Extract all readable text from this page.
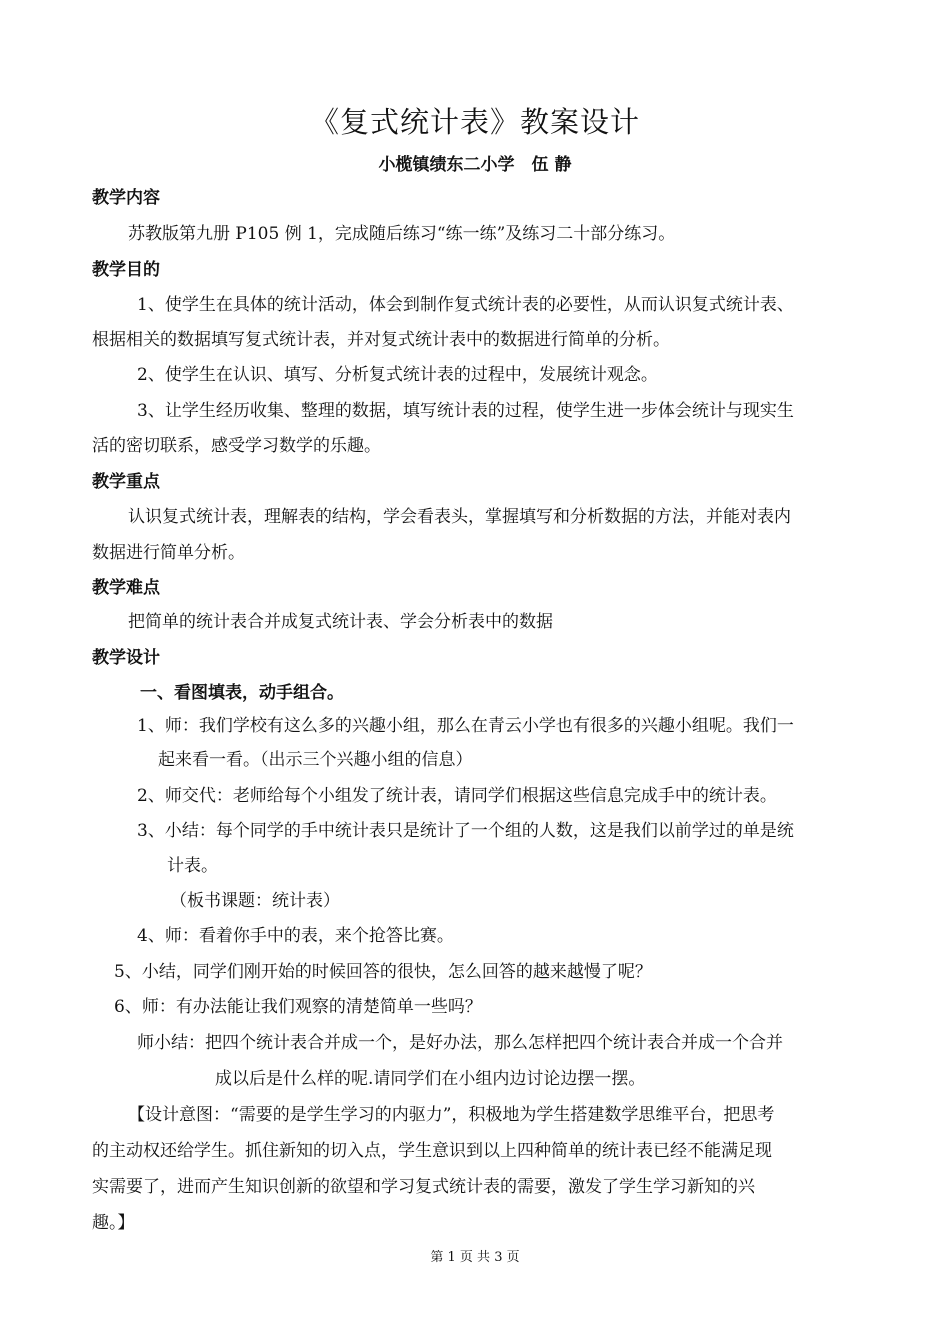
《复式统计表》教案设计
小榄镇绩东二小学　伍 静
教学内容
苏教版第九册 P105 例 1，完成随后练习“练一练”及练习二十部分练习。
教学目的
1、使学生在具体的统计活动，体会到制作复式统计表的必要性，从而认识复式统计表、
根据相关的数据填写复式统计表，并对复式统计表中的数据进行简单的分析。
2、使学生在认识、填写、分析复式统计表的过程中，发展统计观念。
3、让学生经历收集、整理的数据，填写统计表的过程，使学生进一步体会统计与现实生
活的密切联系，感受学习数学的乐趣。
教学重点
认识复式统计表，理解表的结构，学会看表头，掌握填写和分析数据的方法，并能对表内
数据进行简单分析。
教学难点
把简单的统计表合并成复式统计表、学会分析表中的数据
教学设计
一、看图填表，动手组合。
1、师：我们学校有这么多的兴趣小组，那么在青云小学也有很多的兴趣小组呢。我们一
起来看一看。（出示三个兴趣小组的信息）
2、师交代：老师给每个小组发了统计表，请同学们根据这些信息完成手中的统计表。
3、小结：每个同学的手中统计表只是统计了一个组的人数，这是我们以前学过的单是统
计表。
（板书课题：统计表）
4、师：看着你手中的表，来个抢答比赛。
5、小结，同学们刚开始的时候回答的很快，怎么回答的越来越慢了呢？
6、师：有办法能让我们观察的清楚简单一些吗？
师小结：把四个统计表合并成一个，是好办法，那么怎样把四个统计表合并成一个合并
成以后是什么样的呢.请同学们在小组内边讨论边摆一摆。
【设计意图：“需要的是学生学习的内驱力”，积极地为学生搭建数学思维平台，把思考
的主动权还给学生。抓住新知的切入点，学生意识到以上四种简单的统计表已经不能满足现
实需要了，进而产生知识创新的欲望和学习复式统计表的需要，激发了学生学习新知的兴
趣。】
第 1 页 共 3 页
